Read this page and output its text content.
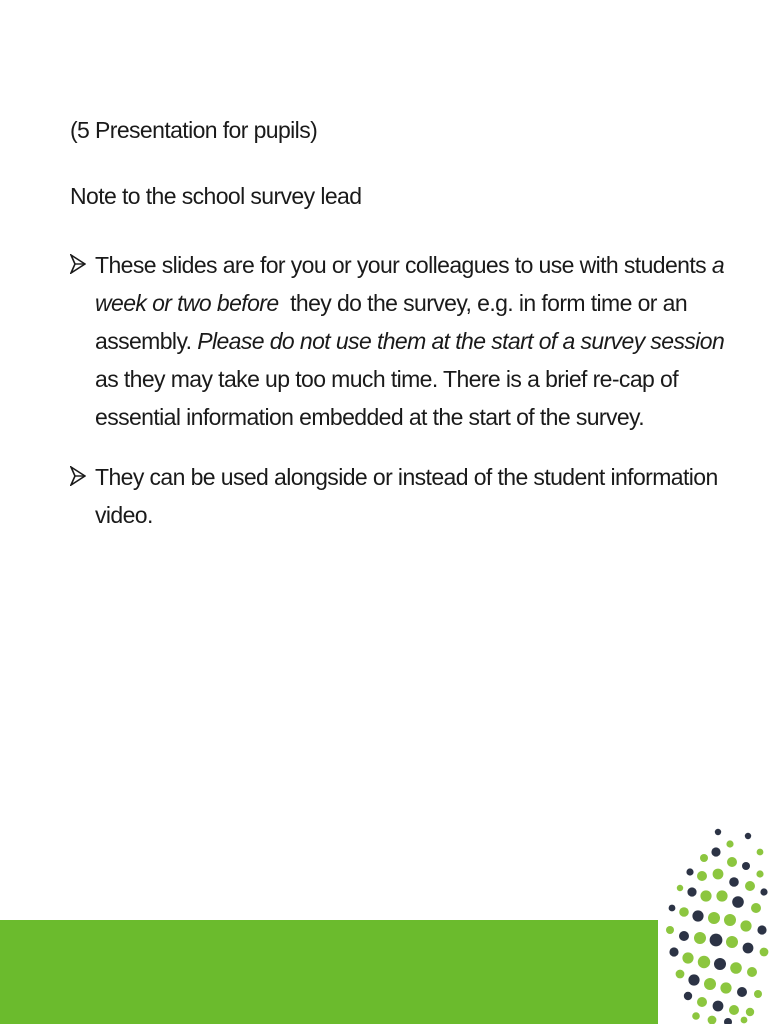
(5 Presentation for pupils)
Note to the school survey lead
These slides are for you or your colleagues to use with students a
week or two before  they do the survey, e.g. in form time or an
assembly. Please do not use them at the start of a survey session
as they may take up too much time. There is a brief re-cap of
essential information embedded at the start of the survey.
They can be used alongside or instead of the student information
video.
